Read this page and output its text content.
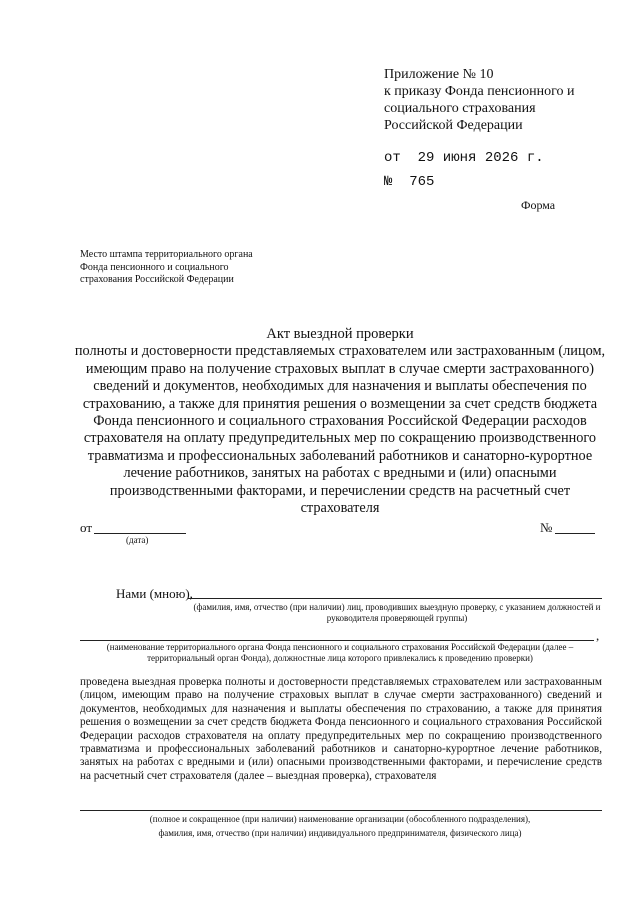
Приложение № 10
к приказу Фонда пенсионного и
социального страхования
Российской Федерации
от  29 июня 2026 г.
№  765
Форма
Место штампа территориального органа Фонда пенсионного и социального страхования Российской Федерации
Акт выездной проверки
полноты и достоверности представляемых страхователем или застрахованным (лицом,
имеющим право на получение страховых выплат в случае смерти застрахованного)
сведений и документов, необходимых для назначения и выплаты обеспечения по
страхованию, а также для принятия решения о возмещении за счет средств бюджета
Фонда пенсионного и социального страхования Российской Федерации расходов
страхователя на оплату предупредительных мер по сокращению производственного
травматизма и профессиональных заболеваний работников и санаторно-курортное
лечение работников, занятых на работах с вредными и (или) опасными
производственными факторами, и перечислении средств на расчетный счет
страхователя
от
(дата)
№
Нами (мною),
(фамилия, имя, отчество (при наличии) лиц, проводивших выездную проверку, с указанием должностей и руководителя проверяющей группы)
,
(наименование территориального органа Фонда пенсионного и социального страхования Российской Федерации (далее – территориальный орган Фонда), должностные лица которого привлекались к проведению проверки)
проведена выездная проверка полноты и достоверности представляемых страхователем или застрахованным (лицом, имеющим право на получение страховых выплат в случае смерти застрахованного) сведений и документов, необходимых для назначения и выплаты обеспечения по страхованию, а также для принятия решения о возмещении за счет средств бюджета Фонда пенсионного и социального страхования Российской Федерации расходов страхователя на оплату предупредительных мер по сокращению производственного травматизма и профессиональных заболеваний работников и санаторно-курортное лечение работников, занятых на работах с вредными и (или) опасными производственными факторами, и перечисление средств на расчетный счет страхователя (далее – выездная проверка), страхователя
(полное и сокращенное (при наличии) наименование организации (обособленного подразделения),
фамилия, имя, отчество (при наличии) индивидуального предпринимателя, физического лица)
